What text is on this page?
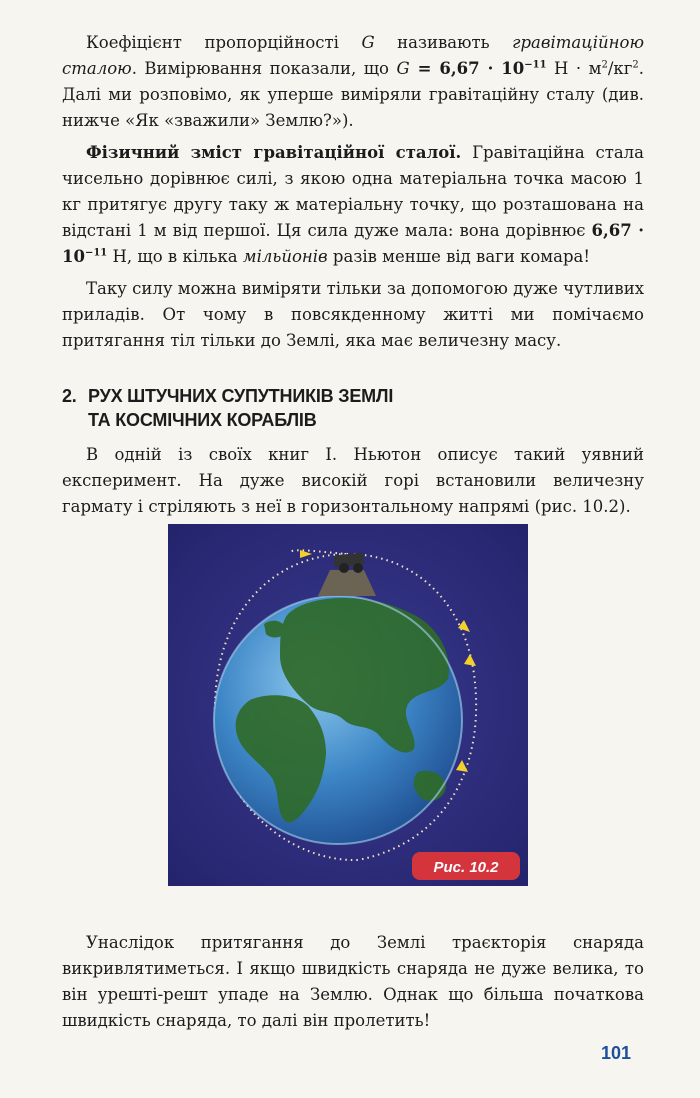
Коефіцієнт пропорційності G називають гравітаційною сталою. Вимірювання показали, що $G = 6,67 \cdot 10^{-11}$ $Н \cdot м^2/кг^2$. Далі ми розповімо, як уперше виміряли гравітаційну сталу (див. нижче «Як «зважили» Землю?»).

Фізичний зміст гравітаційної сталої. Гравітаційна стала чисельно дорівнює силі, з якою одна матеріальна точка масою 1 кг притягує другу таку ж матеріальну точку, що розташована на відстані 1 м від першої. Ця сила дуже мала: вона дорівнює $6,67 \cdot 10^{-11}$ Н, що в кілька мільйонів разів менше від ваги комара!

Таку силу можна виміряти тільки за допомогою дуже чутливих приладів. От чому в повсякденному житті ми помічаємо притягання тіл тільки до Землі, яка має величезну масу.

2. РУХ ШТУЧНИХ СУПУТНИКІВ ЗЕМЛІ
ТА КОСМІЧНИХ КОРАБЛІВ

В одній із своїх книг І. Ньютон описує такий уявний експеримент. На дуже високій горі встановили величезну гармату і стріляють з неї в горизонтальному напрямі (рис. 10.2).

Рис. 10.2

Унаслідок притягання до Землі траєкторія снаряда викривлятиметься. І якщо швидкість снаряда не дуже велика, то він урешті-решт упаде на Землю. Однак що більша початкова швидкість снаряда, то далі він пролетить!

101
